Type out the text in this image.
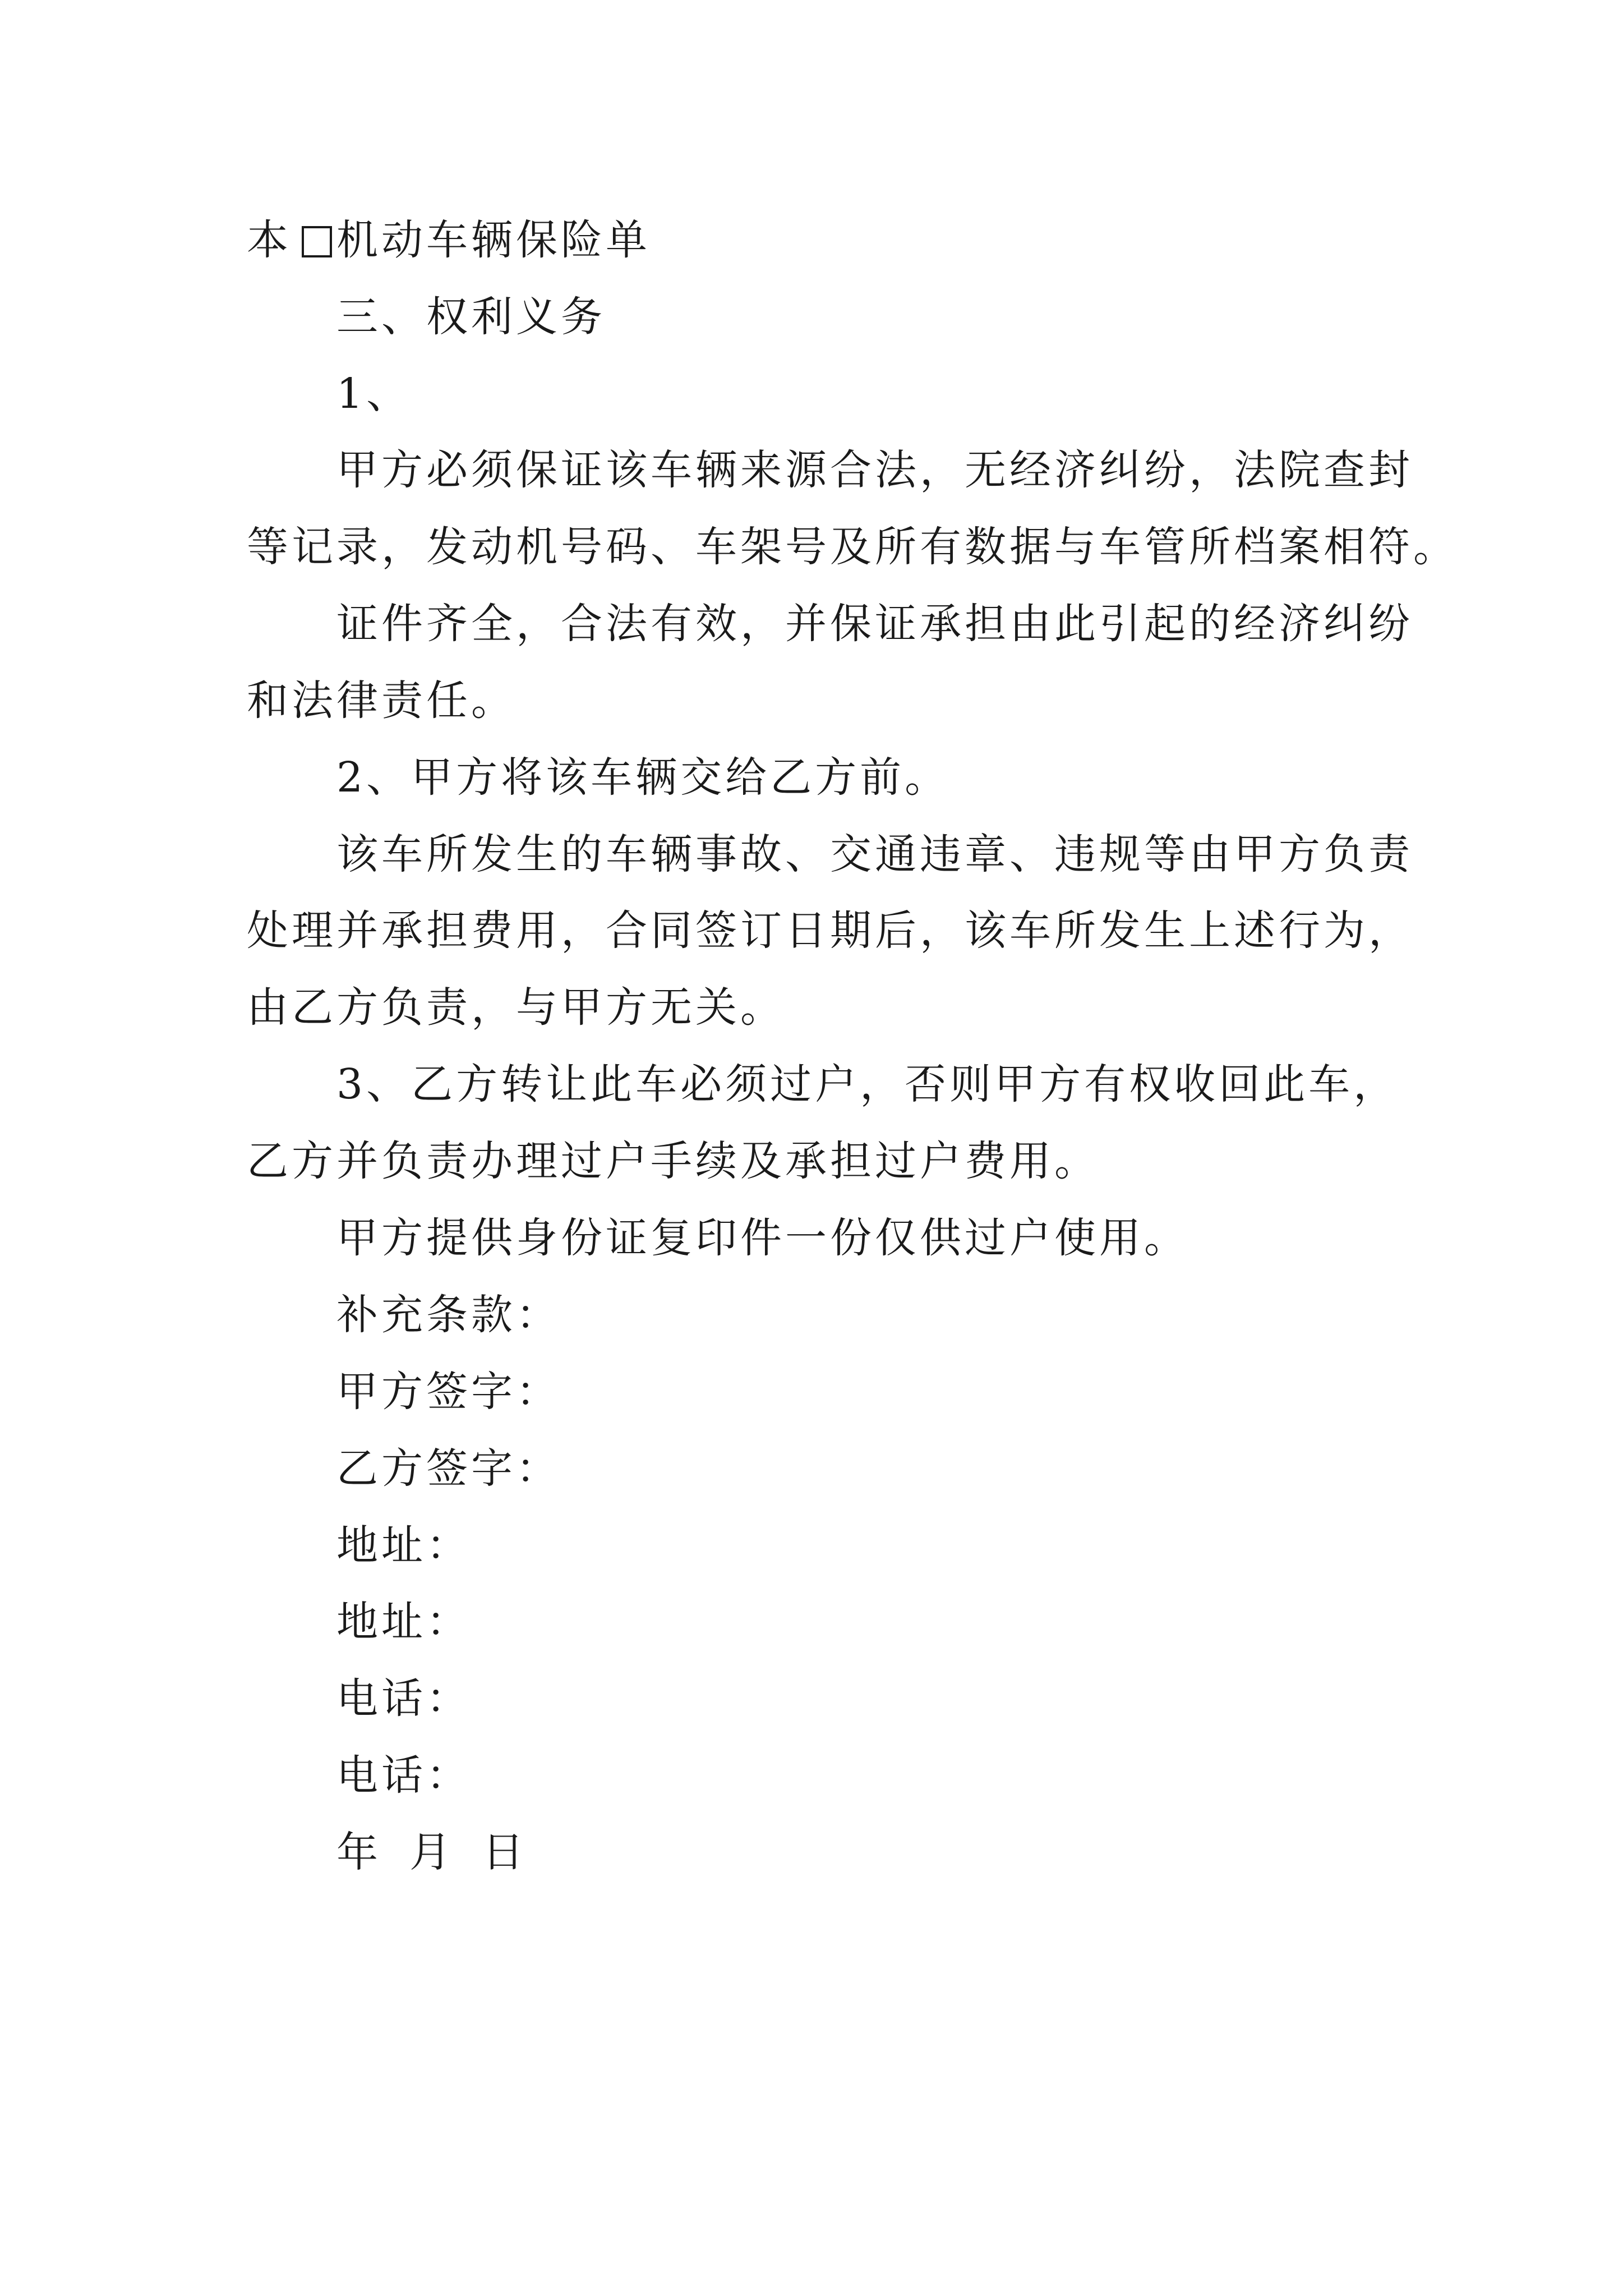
本 机动车辆保险单
三、权利义务
1、
甲方必须保证该车辆来源合法，无经济纠纷，法院查封
等记录，发动机号码、车架号及所有数据与车管所档案相符。
证件齐全，合法有效，并保证承担由此引起的经济纠纷
和法律责任。
2、甲方将该车辆交给乙方前。
该车所发生的车辆事故、交通违章、违规等由甲方负责
处理并承担费用，合同签订日期后，该车所发生上述行为，
由乙方负责，与甲方无关。
3、乙方转让此车必须过户，否则甲方有权收回此车，
乙方并负责办理过户手续及承担过户费用。
甲方提供身份证复印件一份仅供过户使用。
补充条款：
甲方签字：
乙方签字：
地址：
地址：
电话：
电话：
年 月 日
